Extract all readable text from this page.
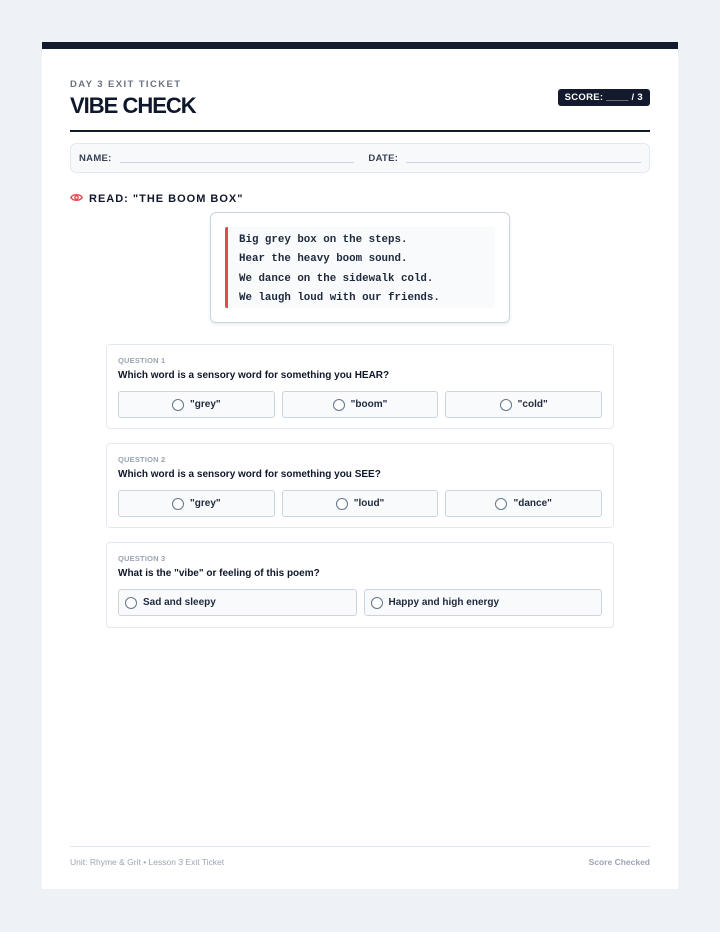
DAY 3 EXIT TICKET
VIBE CHECK	SCORE: ____ / 3
NAME:	DATE:
READ: "THE BOOM BOX"
Big grey box on the steps.
Hear the heavy boom sound.
We dance on the sidewalk cold.
We laugh loud with our friends.
QUESTION 1
Which word is a sensory word for something you HEAR?
"grey"	"boom"	"cold"
QUESTION 2
Which word is a sensory word for something you SEE?
"grey"	"loud"	"dance"
QUESTION 3
What is the "vibe" or feeling of this poem?
Sad and sleepy	Happy and high energy
Unit: Rhyme & Grit • Lesson 3 Exit Ticket	Score Checked
